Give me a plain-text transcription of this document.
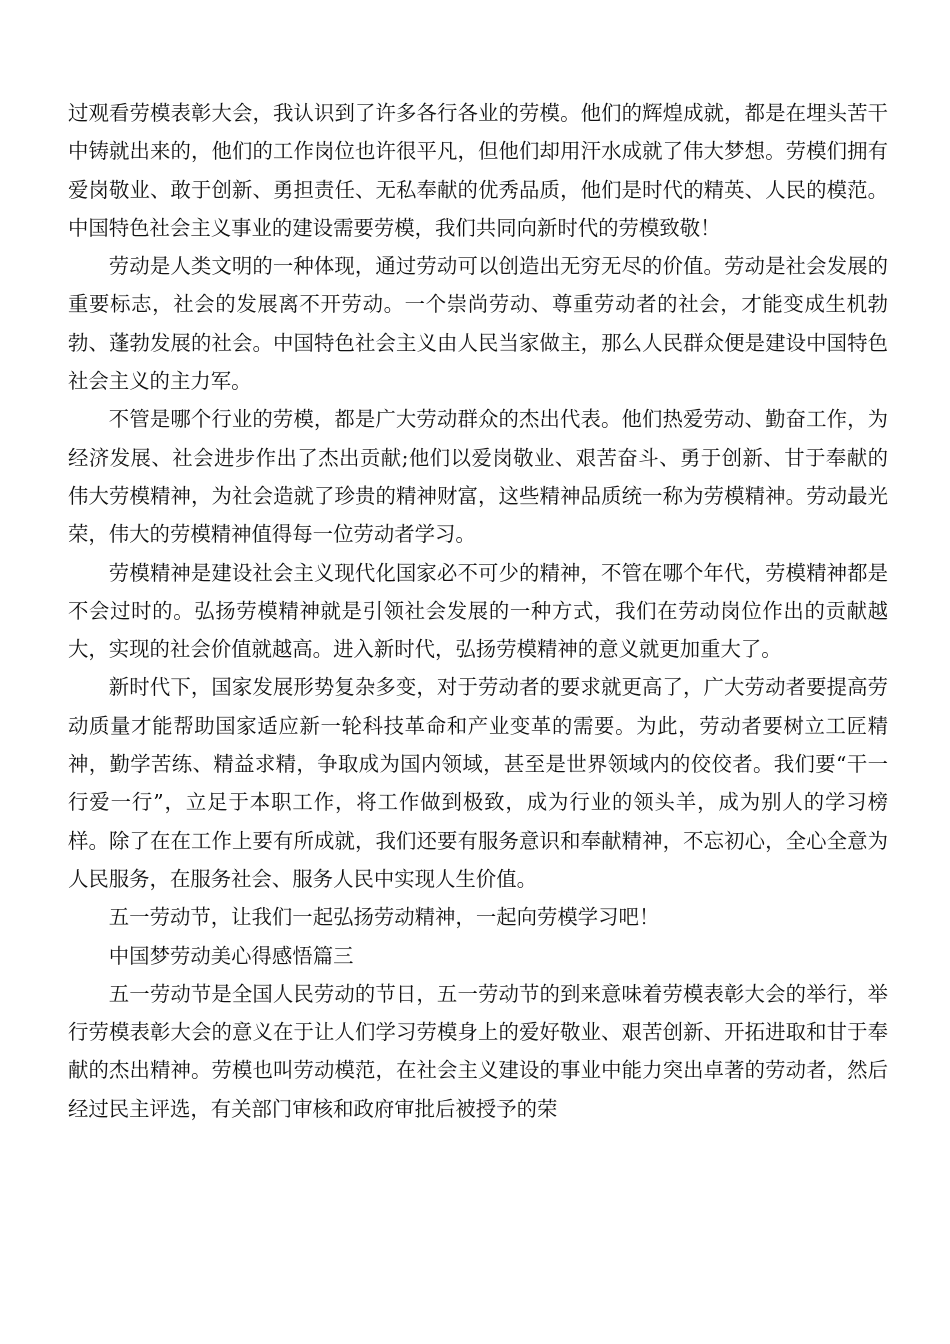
过观看劳模表彰大会，我认识到了许多各行各业的劳模。他们的辉煌成就，都是在埋头苦干中铸就出来的，他们的工作岗位也许很平凡，但他们却用汗水成就了伟大梦想。劳模们拥有爱岗敬业、敢于创新、勇担责任、无私奉献的优秀品质，他们是时代的精英、人民的模范。中国特色社会主义事业的建设需要劳模，我们共同向新时代的劳模致敬！

劳动是人类文明的一种体现，通过劳动可以创造出无穷无尽的价值。劳动是社会发展的重要标志，社会的发展离不开劳动。一个崇尚劳动、尊重劳动者的社会，才能变成生机勃勃、蓬勃发展的社会。中国特色社会主义由人民当家做主，那么人民群众便是建设中国特色社会主义的主力军。

不管是哪个行业的劳模，都是广大劳动群众的杰出代表。他们热爱劳动、勤奋工作，为经济发展、社会进步作出了杰出贡献;他们以爱岗敬业、艰苦奋斗、勇于创新、甘于奉献的伟大劳模精神，为社会造就了珍贵的精神财富，这些精神品质统一称为劳模精神。劳动最光荣，伟大的劳模精神值得每一位劳动者学习。

劳模精神是建设社会主义现代化国家必不可少的精神，不管在哪个年代，劳模精神都是不会过时的。弘扬劳模精神就是引领社会发展的一种方式，我们在劳动岗位作出的贡献越大，实现的社会价值就越高。进入新时代，弘扬劳模精神的意义就更加重大了。

新时代下，国家发展形势复杂多变，对于劳动者的要求就更高了，广大劳动者要提高劳动质量才能帮助国家适应新一轮科技革命和产业变革的需要。为此，劳动者要树立工匠精神，勤学苦练、精益求精，争取成为国内领域，甚至是世界领域内的佼佼者。我们要“干一行爱一行”，立足于本职工作，将工作做到极致，成为行业的领头羊，成为别人的学习榜样。除了在在工作上要有所成就，我们还要有服务意识和奉献精神，不忘初心，全心全意为人民服务，在服务社会、服务人民中实现人生价值。

五一劳动节，让我们一起弘扬劳动精神，一起向劳模学习吧！

中国梦劳动美心得感悟篇三

五一劳动节是全国人民劳动的节日，五一劳动节的到来意味着劳模表彰大会的举行，举行劳模表彰大会的意义在于让人们学习劳模身上的爱好敬业、艰苦创新、开拓进取和甘于奉献的杰出精神。劳模也叫劳动模范，在社会主义建设的事业中能力突出卓著的劳动者，然后经过民主评选，有关部门审核和政府审批后被授予的荣
